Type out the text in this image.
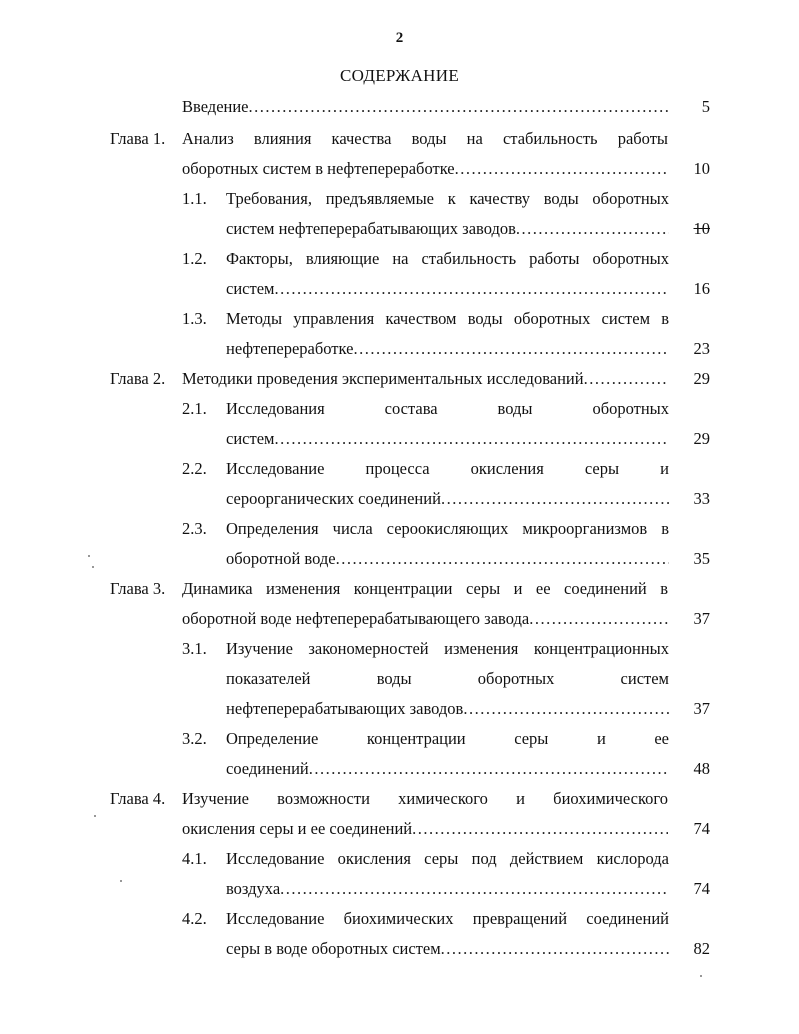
2
СОДЕРЖАНИЕ
Введение .....	5
Глава 1. Анализ влияния качества воды на стабильность работы
оборотных систем в нефтепереработке .....	10
1.1. Требования, предъявляемые к качеству воды оборотных
систем нефтеперерабатывающих заводов .....	10
1.2. Факторы, влияющие на стабильность работы оборотных
систем .....	16
1.3. Методы управления качеством воды оборотных систем в
нефтепереработке .....	23
Глава 2. Методики проведения экспериментальных исследований .....	29
2.1. Исследования состава воды оборотных
систем .....	29
2.2. Исследование процесса окисления серы и
сероорганических соединений .....	33
2.3. Определения числа сероокисляющих микроорганизмов в
оборотной воде .....	35
Глава 3. Динамика изменения концентрации серы и ее соединений в
оборотной воде нефтеперерабатывающего завода .....	37
3.1. Изучение закономерностей изменения концентрационных
показателей воды оборотных систем
нефтеперерабатывающих заводов .....	37
3.2. Определение концентрации серы и ее
соединений .....	48
Глава 4. Изучение возможности химического и биохимического
окисления серы и ее соединений .....	74
4.1. Исследование окисления серы под действием кислорода
воздуха .....	74
4.2. Исследование биохимических превращений соединений
серы в воде оборотных систем .....	82
